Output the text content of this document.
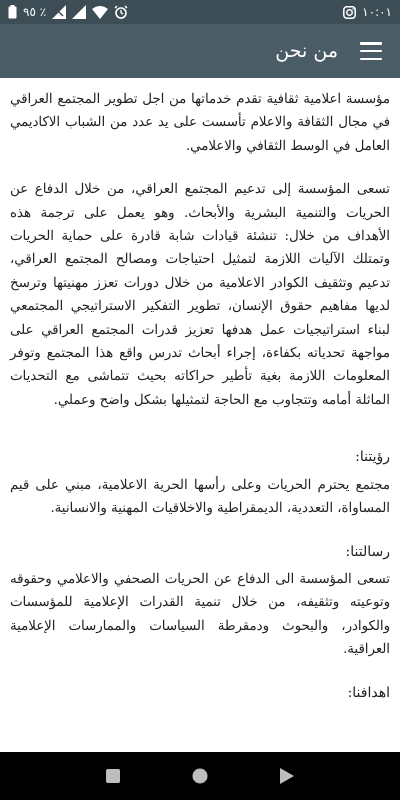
٩٥ ٪	١٠:٠١
من نحن

مؤسسة اعلامية ثقافية تقدم خدماتها من اجل تطوير المجتمع العراقي في مجال الثقافة والاعلام تأسست على يد عدد من الشباب الاكاديمي العامل في الوسط الثقافي والاعلامي.

تسعى المؤسسة إلى تدعيم المجتمع العراقي، من خلال الدفاع عن الحريات والتنمية البشرية والأبحاث. وهو يعمل على ترجمة هذه الأهداف من خلال: تنشئة قيادات شابة قادرة على حماية الحريات وتمتلك الآليات اللازمة لتمثيل احتياجات ومصالح المجتمع العراقي، تدعيم وتثقيف الكوادر الاعلامية من خلال دورات تعزز مهنيتها وترسخ لديها مفاهيم حقوق الإنسان، تطوير التفكير الاستراتيجي المجتمعي لبناء استراتيجيات عمل هدفها تعزيز قدرات المجتمع العراقي على مواجهة تحدياته بكفاءة، إجراء أبحاث تدرس واقع هذا المجتمع وتوفر المعلومات اللازمة بغية تأطير حراكاته بحيث تتماشى مع التحديات الماثلة أمامه وتتجاوب مع الحاجة لتمثيلها بشكل واضح وعملي.

رؤيتنا:

مجتمع يحترم الحريات وعلى رأسها الحرية الاعلامية، مبني على قيم المساواة، التعددية، الديمقراطية والاخلاقيات المهنية والانسانية.

رسالتنا:

تسعى المؤسسة الى الدفاع عن الحريات الصحفي والاعلامي وحقوقه وتوعيته وتثقيفه، من خلال تنمية القدرات الإعلامية للمؤسسات والكوادر، والبحوث ودمقرطة السياسات والممارسات الإعلامية العراقية.

اهدافنا:
